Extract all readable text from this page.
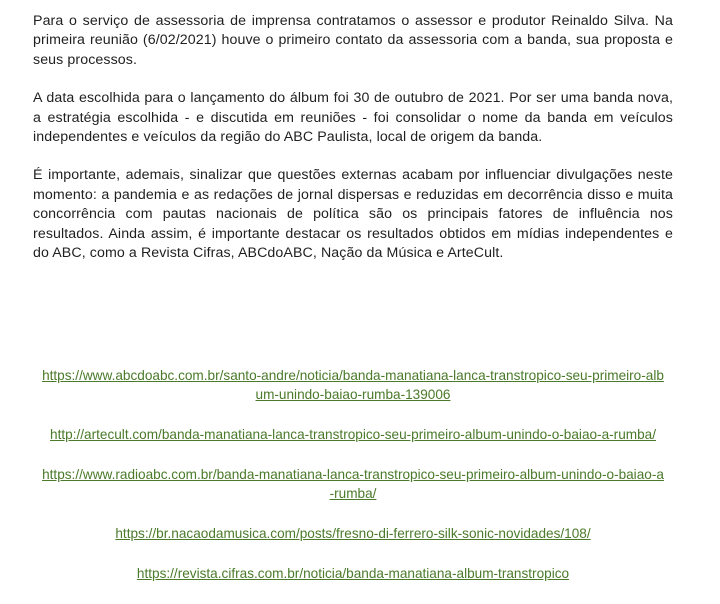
Para o serviço de assessoria de imprensa contratamos o assessor e produtor Reinaldo Silva. Na primeira reunião (6/02/2021) houve o primeiro contato da assessoria com a banda, sua proposta e seus processos.

A data escolhida para o lançamento do álbum foi 30 de outubro de 2021. Por ser uma banda nova, a estratégia escolhida - e discutida em reuniões - foi consolidar o nome da banda em veículos independentes e veículos da região do ABC Paulista, local de origem da banda.

É importante, ademais, sinalizar que questões externas acabam por influenciar divulgações neste momento: a pandemia e as redações de jornal dispersas e reduzidas em decorrência disso e muita concorrência com pautas nacionais de política são os principais fatores de influência nos resultados. Ainda assim, é importante destacar os resultados obtidos em mídias independentes e do ABC, como a Revista Cifras, ABCdoABC, Nação da Música e ArteCult.

https://www.abcdoabc.com.br/santo-andre/noticia/banda-manatiana-lanca-transtropico-seu-primeiro-album-unindo-baiao-rumba-139006
http://artecult.com/banda-manatiana-lanca-transtropico-seu-primeiro-album-unindo-o-baiao-a-rumba/
https://www.radioabc.com.br/banda-manatiana-lanca-transtropico-seu-primeiro-album-unindo-o-baiao-a-rumba/
https://br.nacaodamusica.com/posts/fresno-di-ferrero-silk-sonic-novidades/108/
https://revista.cifras.com.br/noticia/banda-manatiana-album-transtropico
